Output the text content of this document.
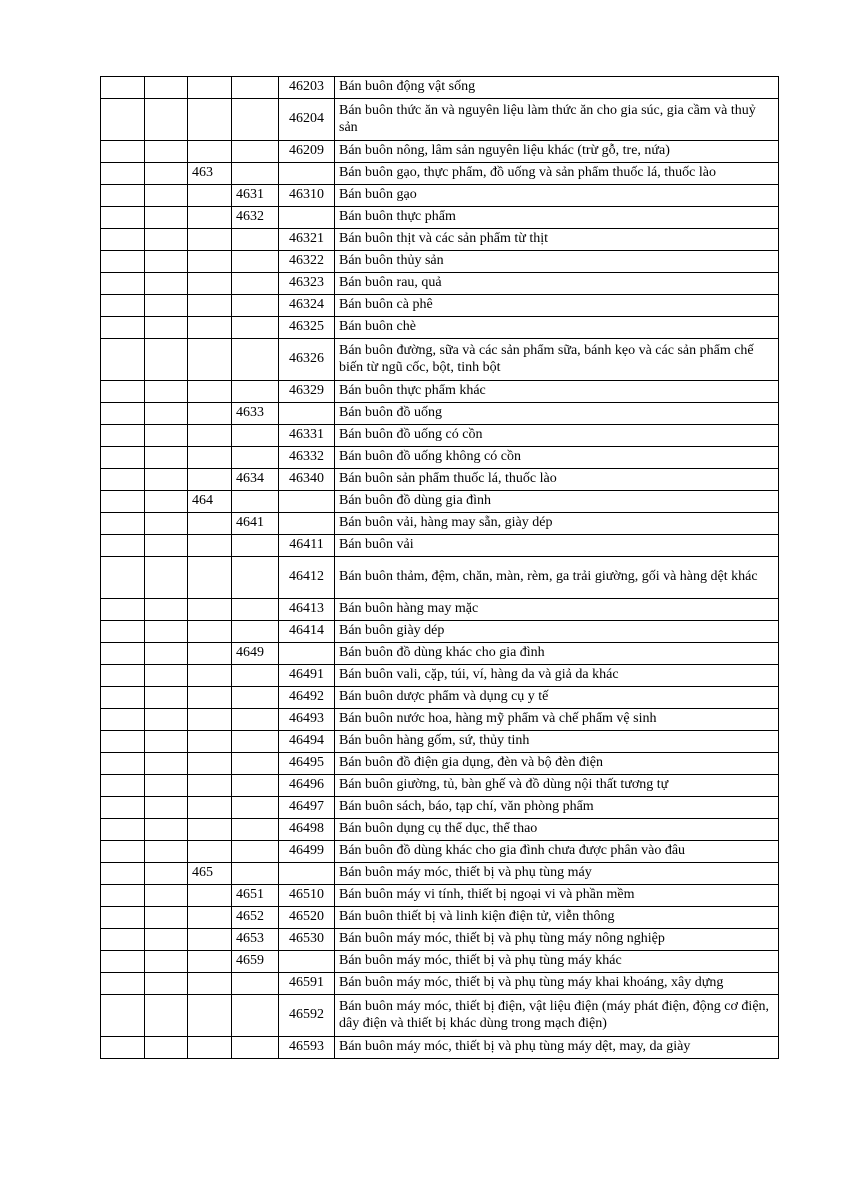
				46203	Bán buôn động vật sống
				46204	Bán buôn thức ăn và nguyên liệu làm thức ăn cho gia súc, gia cầm và thuỷ sản
				46209	Bán buôn nông, lâm sản nguyên liệu khác (trừ gỗ, tre, nứa)
		463			Bán buôn gạo, thực phẩm, đồ uống và sản phẩm thuốc lá, thuốc lào
			4631	46310	Bán buôn gạo
			4632		Bán buôn thực phẩm
				46321	Bán buôn thịt và các sản phẩm từ thịt
				46322	Bán buôn thủy sản
				46323	Bán buôn rau, quả
				46324	Bán buôn cà phê
				46325	Bán buôn chè
				46326	Bán buôn đường, sữa và các sản phẩm sữa, bánh kẹo và các sản phẩm chế biến từ ngũ cốc, bột, tinh bột
				46329	Bán buôn thực phẩm khác
			4633		Bán buôn đồ uống
				46331	Bán buôn đồ uống có cồn
				46332	Bán buôn đồ uống không có cồn
			4634	46340	Bán buôn sản phẩm thuốc lá, thuốc lào
		464			Bán buôn đồ dùng gia đình
			4641		Bán buôn vải, hàng may sẵn, giày dép
				46411	Bán buôn vải
				46412	Bán buôn thảm, đệm, chăn, màn, rèm, ga trải giường, gối và hàng dệt khác
				46413	Bán buôn hàng may mặc
				46414	Bán buôn giày dép
			4649		Bán buôn đồ dùng khác cho gia đình
				46491	Bán buôn vali, cặp, túi, ví, hàng da và giả da khác
				46492	Bán buôn dược phẩm và dụng cụ y tế
				46493	Bán buôn nước hoa, hàng mỹ phẩm và chế phẩm vệ sinh
				46494	Bán buôn hàng gốm, sứ, thủy tinh
				46495	Bán buôn đồ điện gia dụng, đèn và bộ đèn điện
				46496	Bán buôn giường, tủ, bàn ghế và đồ dùng nội thất tương tự
				46497	Bán buôn sách, báo, tạp chí, văn phòng phẩm
				46498	Bán buôn dụng cụ thể dục, thể thao
				46499	Bán buôn đồ dùng khác cho gia đình chưa được phân vào đâu
		465			Bán buôn máy móc, thiết bị và phụ tùng máy
			4651	46510	Bán buôn máy vi tính, thiết bị ngoại vi và phần mềm
			4652	46520	Bán buôn thiết bị và linh kiện điện tử, viễn thông
			4653	46530	Bán buôn máy móc, thiết bị và phụ tùng máy nông nghiệp
			4659		Bán buôn máy móc, thiết bị và phụ tùng máy khác
				46591	Bán buôn máy móc, thiết bị và phụ tùng máy khai khoáng, xây dựng
				46592	Bán buôn máy móc, thiết bị điện, vật liệu điện (máy phát điện, động cơ điện, dây điện và thiết bị khác dùng trong mạch điện)
				46593	Bán buôn máy móc, thiết bị và phụ tùng máy dệt, may, da giày
